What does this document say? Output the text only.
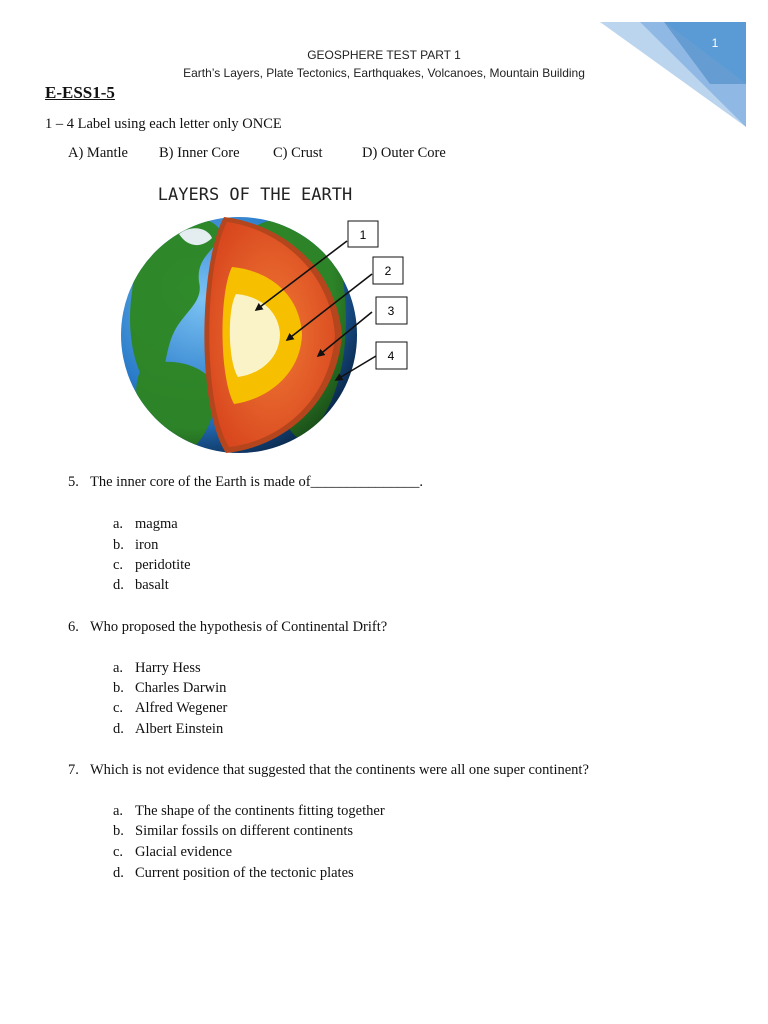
1
GEOSPHERE TEST PART 1
Earth’s Layers, Plate Tectonics, Earthquakes, Volcanoes, Mountain Building
E-ESS1-5
1 – 4 Label using each letter only ONCE
A) Mantle B) Inner Core C) Crust	D) Outer Core
LAYERS OF THE EARTH
1
2
3
4
5. The inner core of the Earth is made of_______________.
a. magma
b. iron
c. peridotite
d. basalt
6. Who proposed the hypothesis of Continental Drift?
a. Harry Hess
b. Charles Darwin
c. Alfred Wegener
d. Albert Einstein
7. Which is not evidence that suggested that the continents were all one super continent?
a. The shape of the continents fitting together
b. Similar fossils on different continents
c. Glacial evidence
d. Current position of the tectonic plates
